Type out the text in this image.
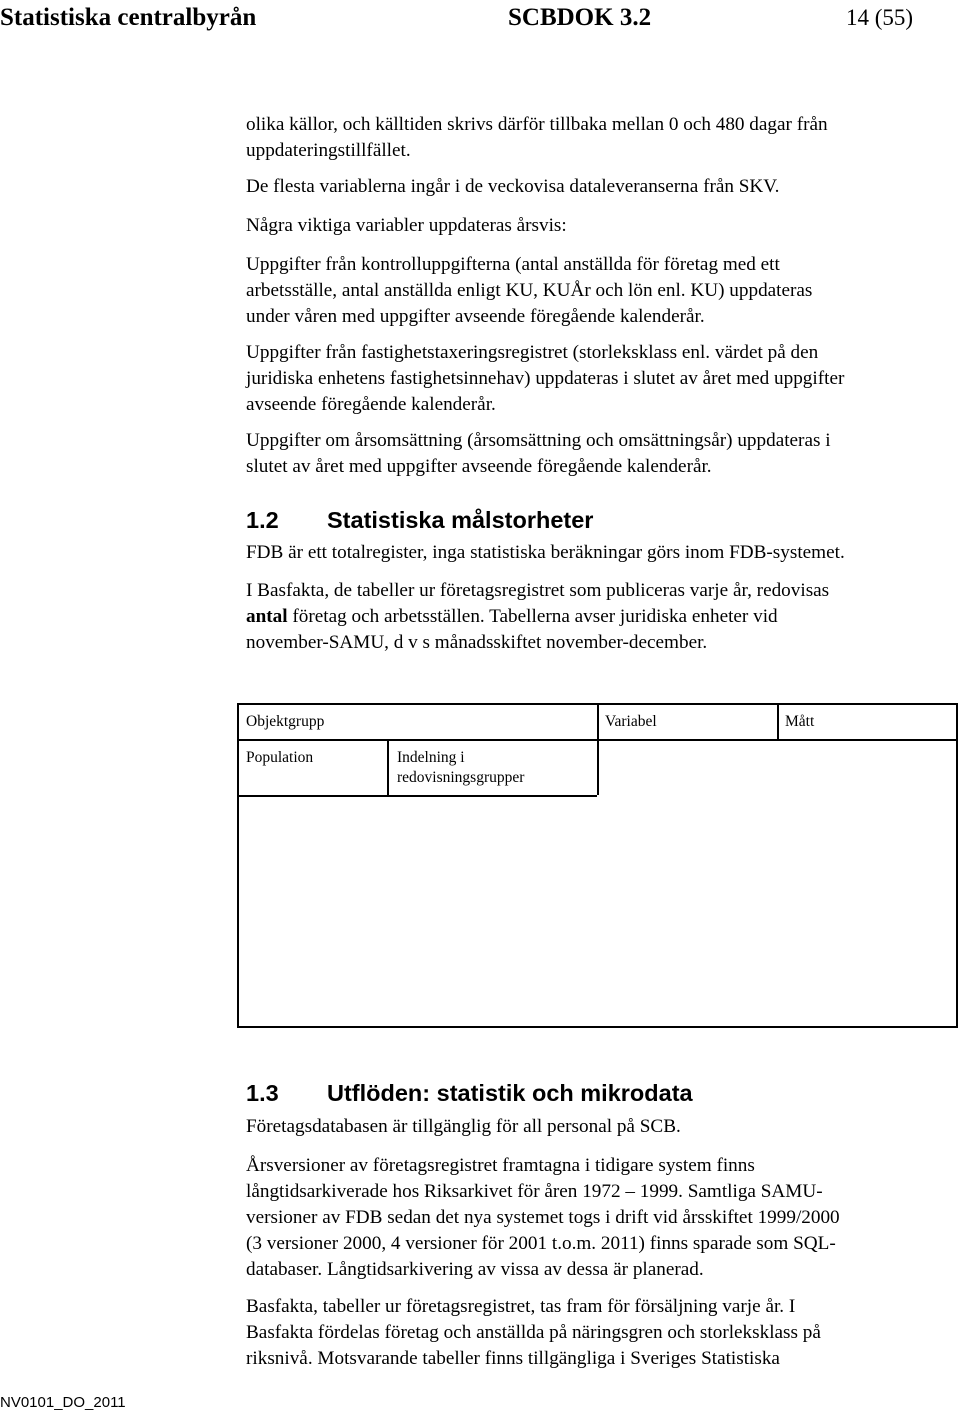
Statistiska centralbyrån	SCBDOK 3.2	14 (55)

olika källor, och källtiden skrivs därför tillbaka mellan 0 och 480 dagar från

uppdateringstillfället.

De flesta variablerna ingår i de veckovisa dataleveranserna från SKV.

Några viktiga variabler uppdateras årsvis:

Uppgifter från kontrolluppgifterna (antal anställda för företag med ett

arbetsställe, antal anställda enligt KU, KUÅr och lön enl. KU) uppdateras

under våren med uppgifter avseende föregående kalenderår.

Uppgifter från fastighetstaxeringsregistret (storleksklass enl. värdet på den

juridiska enhetens fastighetsinnehav) uppdateras i slutet av året med uppgifter

avseende föregående kalenderår.

Uppgifter om årsomsättning (årsomsättning och omsättningsår) uppdateras i

slutet av året med uppgifter avseende föregående kalenderår.

1.2 Statistiska målstorheter

FDB är ett totalregister, inga statistiska beräkningar görs inom FDB-systemet.

I Basfakta, de tabeller ur företagsregistret som publiceras varje år, redovisas

antal företag och arbetsställen. Tabellerna avser juridiska enheter vid

november-SAMU, d v s månadsskiftet november-december.

Objektgrupp	Variabel	Mått
Population	Indelning i
redovisningsgrupper
1.3 Utflöden: statistik och mikrodata

Företagsdatabasen är tillgänglig för all personal på SCB.

Årsversioner av företagsregistret framtagna i tidigare system finns

långtidsarkiverade hos Riksarkivet för åren 1972 – 1999. Samtliga SAMU-

versioner av FDB sedan det nya systemet togs i drift vid årsskiftet 1999/2000

(3 versioner 2000, 4 versioner för 2001 t.o.m. 2011) finns sparade som SQL-

databaser. Långtidsarkivering av vissa av dessa är planerad.

Basfakta, tabeller ur företagsregistret, tas fram för försäljning varje år. I

Basfakta fördelas företag och anställda på näringsgren och storleksklass på

riksnivå. Motsvarande tabeller finns tillgängliga i Sveriges Statistiska

NV0101_DO_2011
